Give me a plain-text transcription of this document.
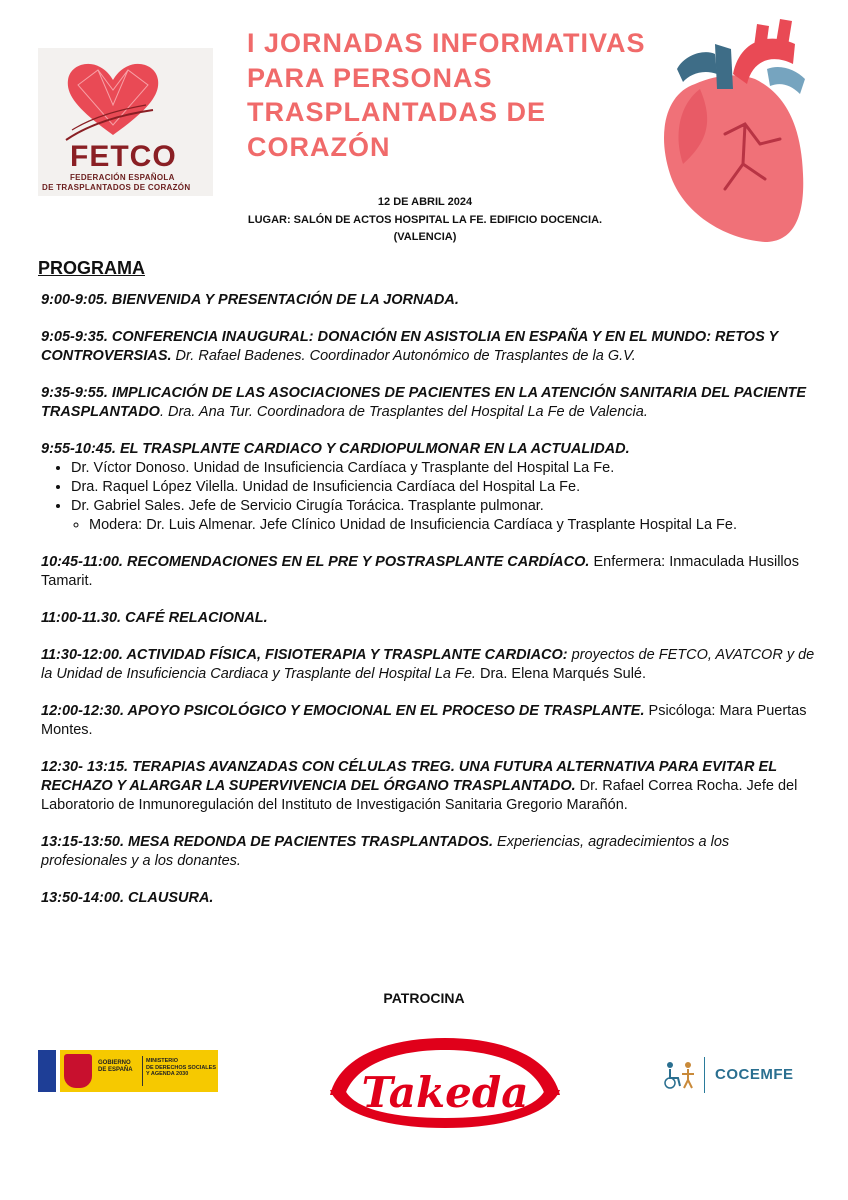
FETCO
FEDERACIÓN ESPAÑOLA
DE TRASPLANTADOS DE CORAZÓN
I JORNADAS INFORMATIVAS
PARA PERSONAS
TRASPLANTADAS DE
CORAZÓN
12 DE ABRIL 2024
LUGAR: SALÓN DE ACTOS HOSPITAL LA FE. EDIFICIO DOCENCIA.
(VALENCIA)
PROGRAMA
9:00-9:05. BIENVENIDA Y PRESENTACIÓN DE LA JORNADA.
9:05-9:35. CONFERENCIA INAUGURAL: DONACIÓN EN ASISTOLIA EN ESPAÑA Y EN EL MUNDO: RETOS Y CONTROVERSIAS. Dr. Rafael Badenes. Coordinador Autonómico de Trasplantes de la G.V.
9:35-9:55. IMPLICACIÓN DE LAS ASOCIACIONES DE PACIENTES EN LA ATENCIÓN SANITARIA DEL PACIENTE TRASPLANTADO. Dra. Ana Tur. Coordinadora de Trasplantes del Hospital La Fe de Valencia.
9:55-10:45. EL TRASPLANTE CARDIACO Y CARDIOPULMONAR EN LA ACTUALIDAD.
• Dr. Víctor Donoso. Unidad de Insuficiencia Cardíaca y Trasplante del Hospital La Fe.
• Dra. Raquel López Vilella. Unidad de Insuficiencia Cardíaca del Hospital La Fe.
• Dr. Gabriel Sales. Jefe de Servicio Cirugía Torácica. Trasplante pulmonar.
◦ Modera: Dr. Luis Almenar. Jefe Clínico Unidad de Insuficiencia Cardíaca y Trasplante Hospital La Fe.
10:45-11:00. RECOMENDACIONES EN EL PRE Y POSTRASPLANTE CARDÍACO. Enfermera: Inmaculada Husillos Tamarit.
11:00-11.30. CAFÉ RELACIONAL.
11:30-12:00. ACTIVIDAD FÍSICA, FISIOTERAPIA Y TRASPLANTE CARDIACO: proyectos de FETCO, AVATCOR y de la Unidad de Insuficiencia Cardiaca y Trasplante del Hospital La Fe. Dra. Elena Marqués Sulé.
12:00-12:30. APOYO PSICOLÓGICO Y EMOCIONAL EN EL PROCESO DE TRASPLANTE. Psicóloga: Mara Puertas Montes.
12:30- 13:15. TERAPIAS AVANZADAS CON CÉLULAS TREG. UNA FUTURA ALTERNATIVA PARA EVITAR EL RECHAZO Y ALARGAR LA SUPERVIVENCIA DEL ÓRGANO TRASPLANTADO. Dr. Rafael Correa Rocha. Jefe del Laboratorio de Inmunoregulación del Instituto de Investigación Sanitaria Gregorio Marañón.
13:15-13:50. MESA REDONDA DE PACIENTES TRASPLANTADOS. Experiencias, agradecimientos a los profesionales y a los donantes.
13:50-14:00. CLAUSURA.
PATROCINA
GOBIERNO
DE ESPAÑA
MINISTERIO
DE DERECHOS SOCIALES
Y AGENDA 2030	Takeda	COCEMFE
